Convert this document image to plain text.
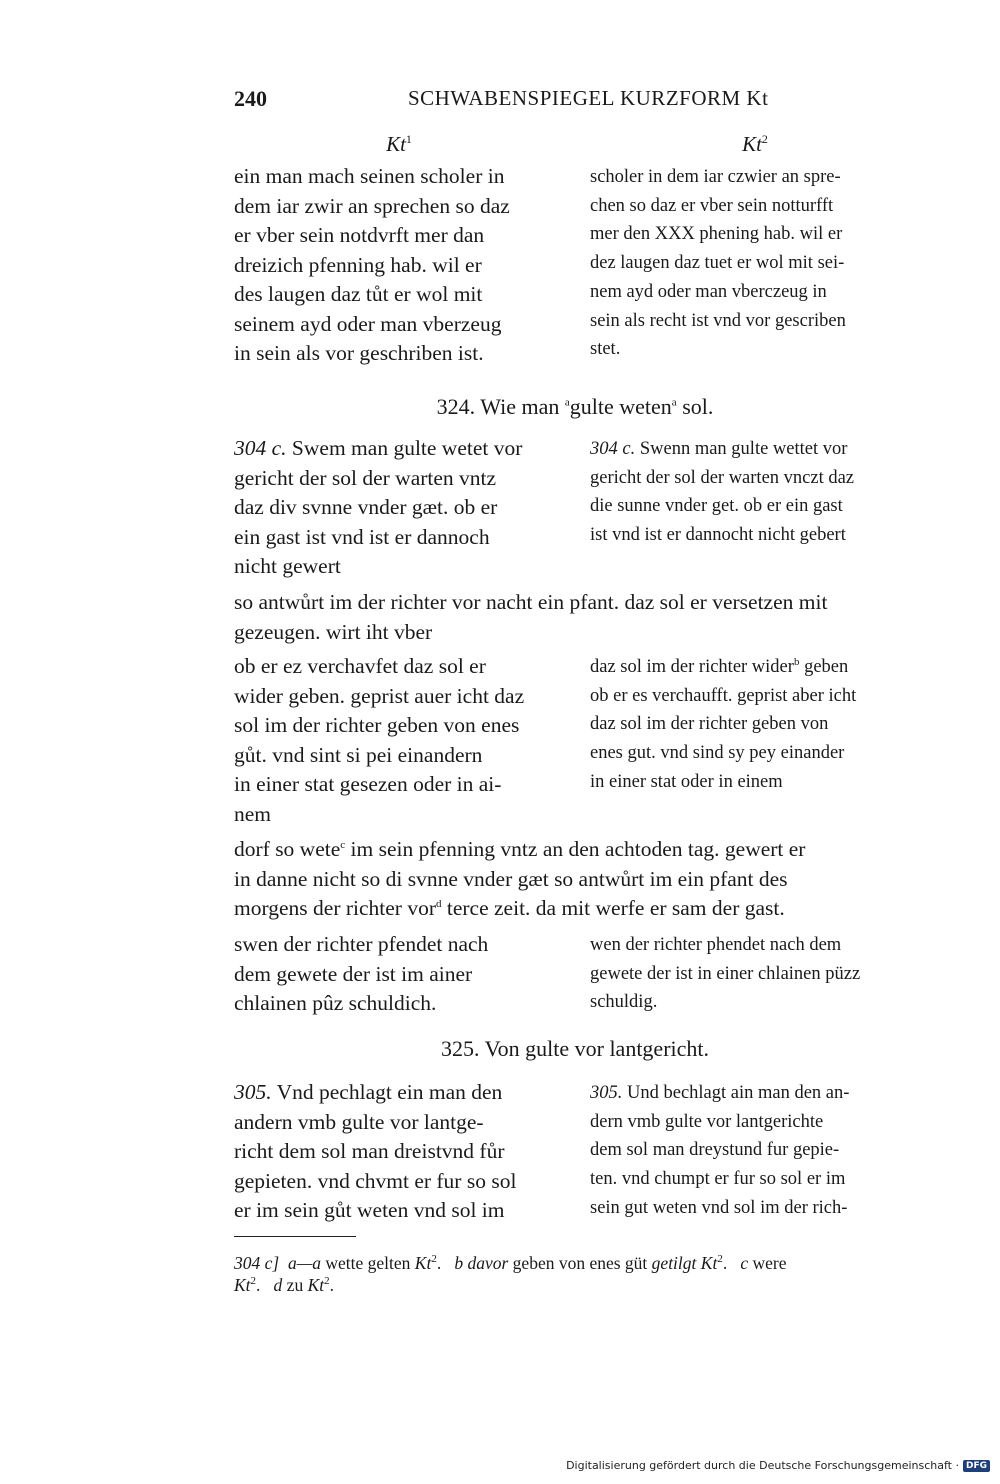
240	SCHWABENSPIEGEL KURZFORM Kt
Kt$^1$	Kt$^2$
ein man mach seinen scholer in
dem iar zwir an sprechen so daz
er vber sein notdvrft mer dan
dreizich pfenning hab. wil er
des laugen daz tůt er wol mit
seinem ayd oder man vberzeug
in sein als vor geschriben ist.
scholer in dem iar czwier an spre-
chen so daz er vber sein notturfft
mer den XXX phening hab. wil er
dez laugen daz tuet er wol mit sei-
nem ayd oder man vberczeug in
sein als recht ist vnd vor gescriben
stet.
324. Wie man $^a$gulte weten$^a$ sol.
304 c. Swem man gulte wetet vor
gericht der sol der warten vntz
daz div svnne vnder gæt. ob er
ein gast ist vnd ist er dannoch
nicht gewert
304 c. Swenn man gulte wettet vor
gericht der sol der warten vnczt daz
die sunne vnder get. ob er ein gast
ist vnd ist er dannocht nicht gebert
so antwůrt im der richter vor nacht ein pfant. daz sol er versetzen mit
gezeugen. wirt iht vber
ob er ez verchavfet daz sol er
wider geben. geprist auer icht daz
sol im der richter geben von enes
gůt. vnd sint si pei einandern
in einer stat gesezen oder in ai-
nem
daz sol im der richter wider$^b$ geben
ob er es verchaufft. geprist aber icht
daz sol im der richter geben von
enes gut. vnd sind sy pey einander
in einer stat oder in einem
dorf so wete$^c$ im sein pfenning vntz an den achtoden tag. gewert er
in danne nicht so di svnne vnder gæt so antwůrt im ein pfant des
morgens der richter vor$^d$ terce zeit. da mit werfe er sam der gast.
swen der richter pfendet nach
dem gewete der ist im ainer
chlainen pûz schuldich.
wen der richter phendet nach dem
gewete der ist in einer chlainen püzz
schuldig.
325. Von gulte vor lantgericht.
305. Vnd pechlagt ein man den
andern vmb gulte vor lantge-
richt dem sol man dreistvnd fůr
gepieten. vnd chvmt er fur so sol
er im sein gůt weten vnd sol im
305. Und bechlagt ain man den an-
dern vmb gulte vor lantgerichte
dem sol man dreystund fur gepie-
ten. vnd chumpt er fur so sol er im
sein gut weten vnd sol im der rich-
304 c] a—a wette gelten Kt$^2$.   b davor geben von enes güt getilgt Kt$^2$.   c were
Kt$^2$.   d zu Kt$^2$.
Digitalisierung gefördert durch die Deutsche Forschungsgemeinschaft · DFG
